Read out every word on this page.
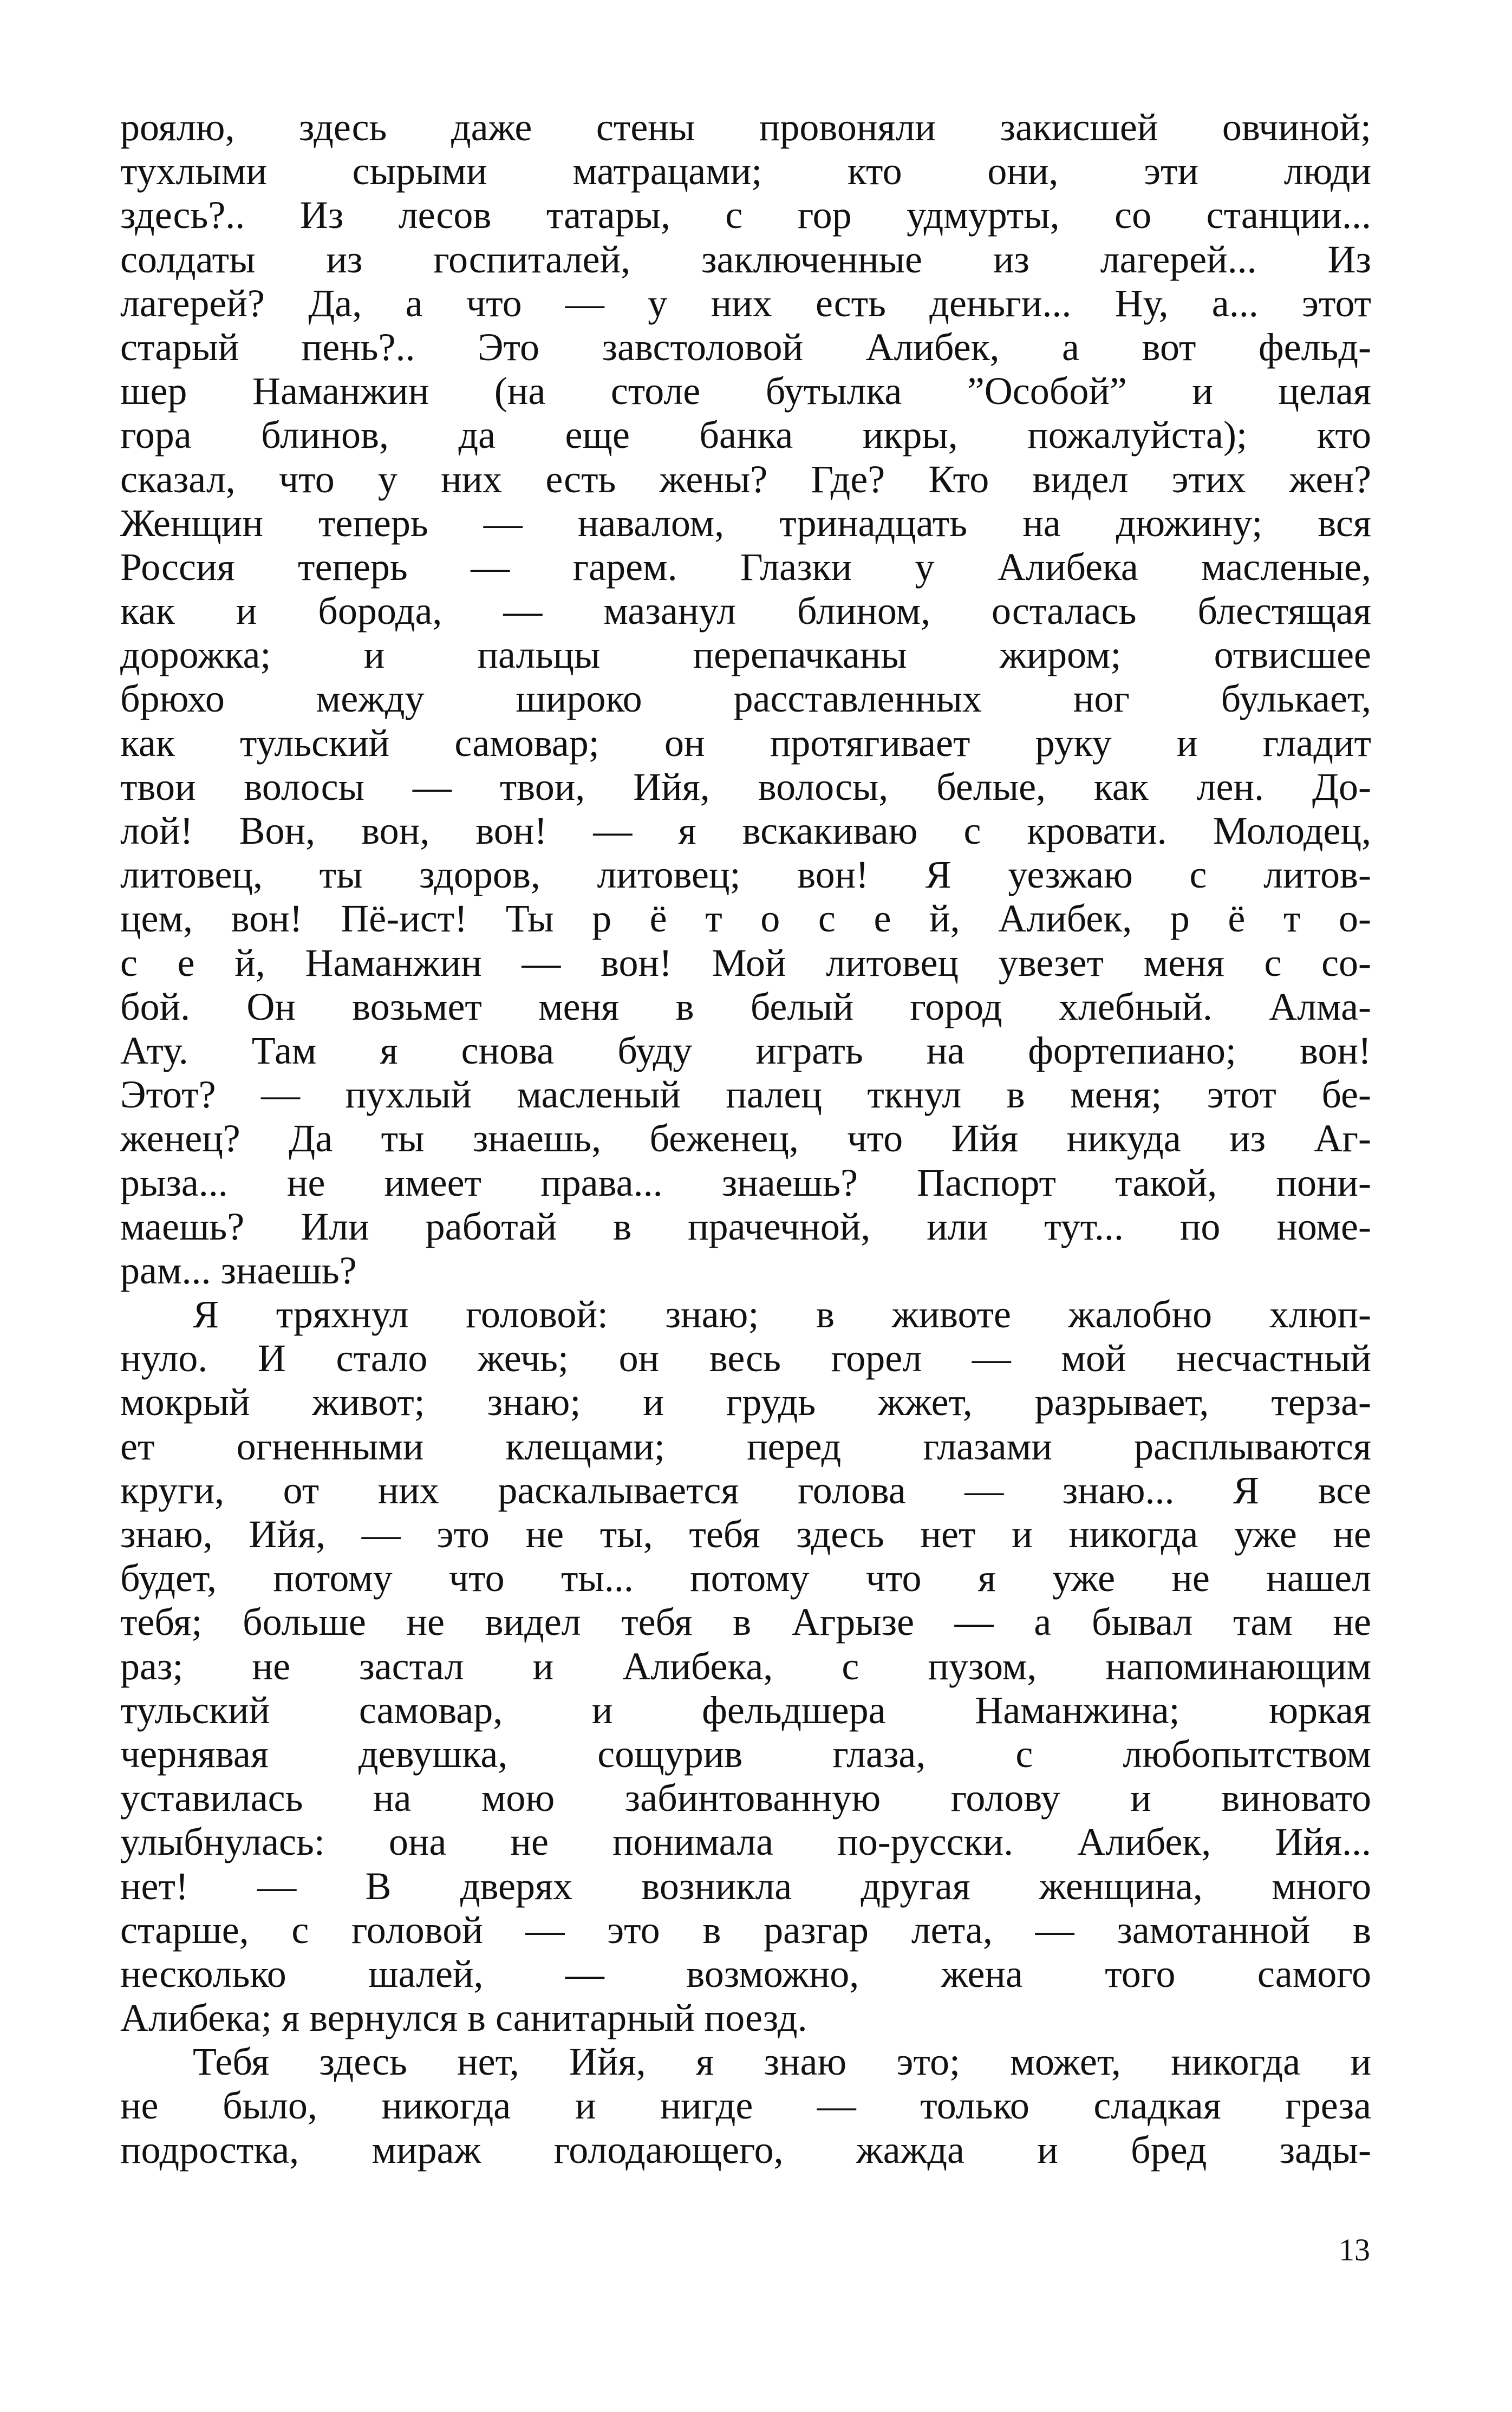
роялю, здесь даже стены провоняли закисшей овчиной;
тухлыми сырыми матрацами; кто они, эти люди
здесь?.. Из лесов татары, с гор удмурты, со станции...
солдаты из госпиталей, заключенные из лагерей... Из
лагерей? Да, а что — у них есть деньги... Ну, а... этот
старый пень?.. Это завстоловой Алибек, а вот фельд-
шер Наманжин (на столе бутылка ”Особой” и целая
гора блинов, да еще банка икры, пожалуйста); кто
сказал, что у них есть жены? Где? Кто видел этих жен?
Женщин теперь — навалом, тринадцать на дюжину; вся
Россия теперь — гарем. Глазки у Алибека масленые,
как и борода, — мазанул блином, осталась блестящая
дорожка; и пальцы перепачканы жиром; отвисшее
брюхо между широко расставленных ног булькает,
как тульский самовар; он протягивает руку и гладит
твои волосы — твои, Ийя, волосы, белые, как лен. До-
лой! Вон, вон, вон! — я вскакиваю с кровати. Молодец,
литовец, ты здоров, литовец; вон! Я уезжаю с литов-
цем, вон! Пё-ист! Ты р ё т о с е й, Алибек, р ё т о-
с е й, Наманжин — вон! Мой литовец увезет меня с со-
бой. Он возьмет меня в белый город хлебный. Алма-
Ату. Там я снова буду играть на фортепиано; вон!
Этот? — пухлый масленый палец ткнул в меня; этот бе-
женец? Да ты знаешь, беженец, что Ийя никуда из Аг-
рыза... не имеет права... знаешь? Паспорт такой, пони-
маешь? Или работай в прачечной, или тут... по номе-
рам... знаешь?
Я тряхнул головой: знаю; в животе жалобно хлюп-
нуло. И стало жечь; он весь горел — мой несчастный
мокрый живот; знаю; и грудь жжет, разрывает, терза-
ет огненными клещами; перед глазами расплываются
круги, от них раскалывается голова — знаю... Я все
знаю, Ийя, — это не ты, тебя здесь нет и никогда уже не
будет, потому что ты... потому что я уже не нашел
тебя; больше не видел тебя в Агрызе — а бывал там не
раз; не застал и Алибека, с пузом, напоминающим
тульский самовар, и фельдшера Наманжина; юркая
чернявая девушка, сощурив глаза, с любопытством
уставилась на мою забинтованную голову и виновато
улыбнулась: она не понимала по-русски. Алибек, Ийя...
нет! — В дверях возникла другая женщина, много
старше, с головой — это в разгар лета, — замотанной в
несколько шалей, — возможно, жена того самого
Алибека; я вернулся в санитарный поезд.
Тебя здесь нет, Ийя, я знаю это; может, никогда и
не было, никогда и нигде — только сладкая греза
подростка, мираж голодающего, жажда и бред зады-
13
